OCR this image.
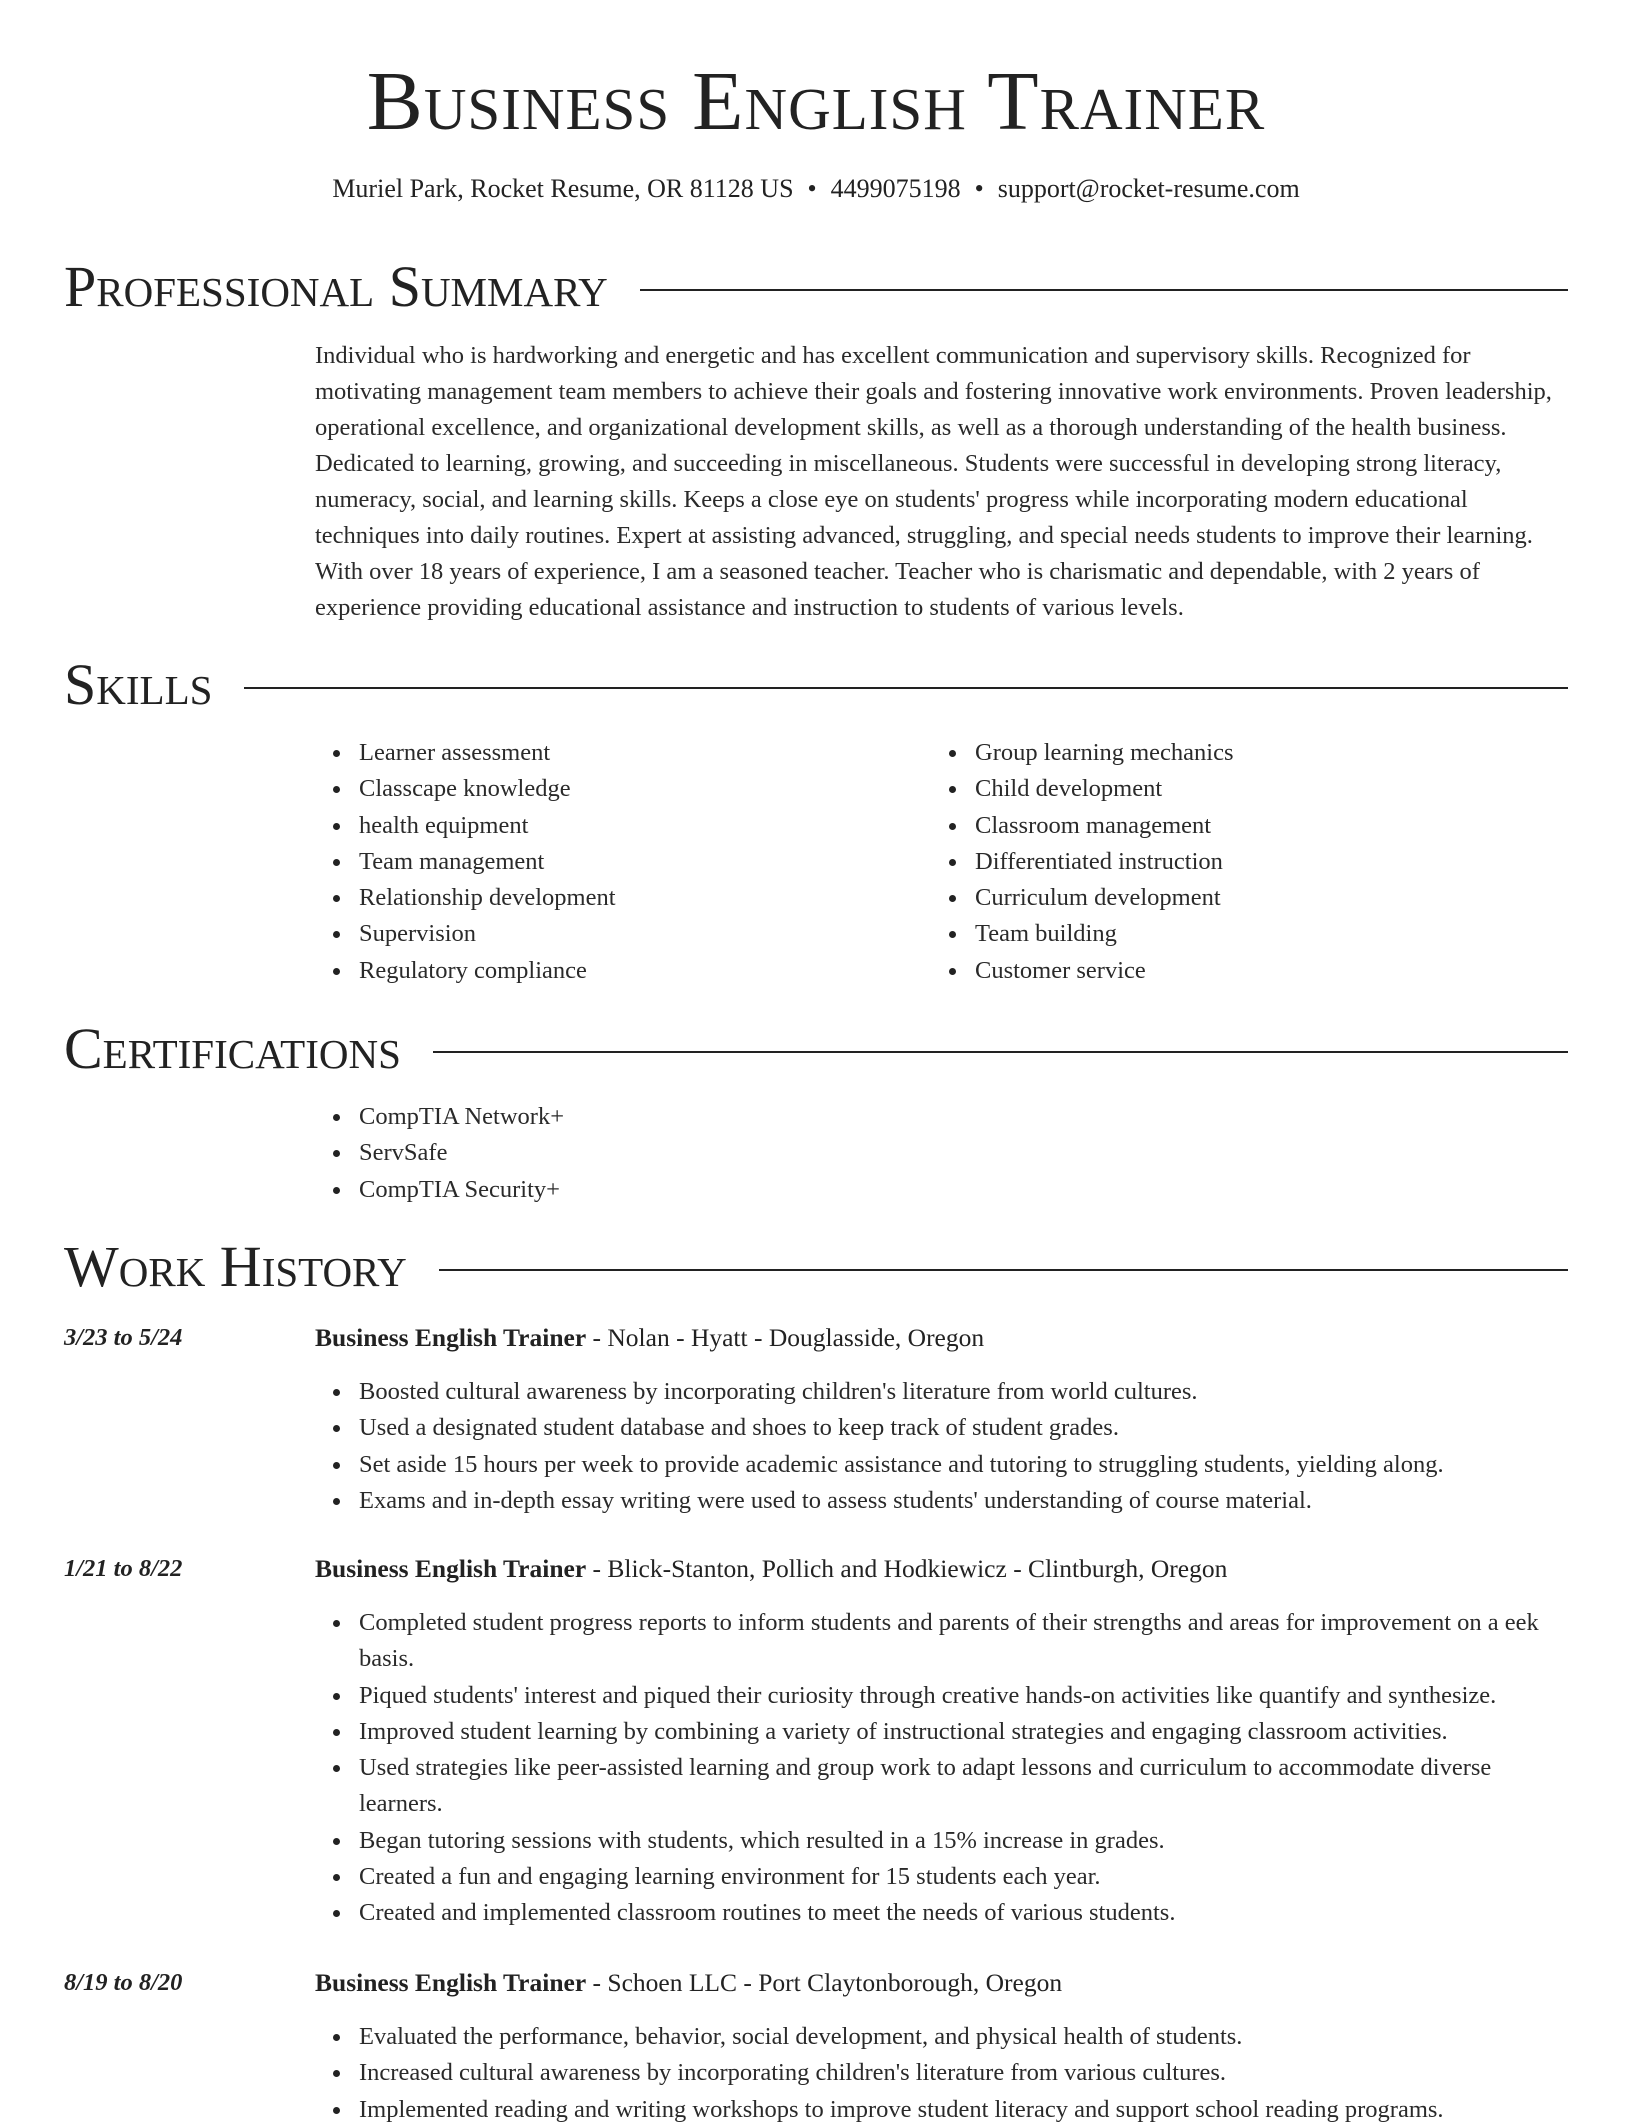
Business English Trainer
Muriel Park, Rocket Resume, OR 81128 US • 4499075198 • support@rocket-resume.com
Professional Summary
Individual who is hardworking and energetic and has excellent communication and supervisory skills. Recognized for motivating management team members to achieve their goals and fostering innovative work environments. Proven leadership, operational excellence, and organizational development skills, as well as a thorough understanding of the health business. Dedicated to learning, growing, and succeeding in miscellaneous. Students were successful in developing strong literacy, numeracy, social, and learning skills. Keeps a close eye on students' progress while incorporating modern educational techniques into daily routines. Expert at assisting advanced, struggling, and special needs students to improve their learning. With over 18 years of experience, I am a seasoned teacher. Teacher who is charismatic and dependable, with 2 years of experience providing educational assistance and instruction to students of various levels.
Skills
Learner assessment
Classcape knowledge
health equipment
Team management
Relationship development
Supervision
Regulatory compliance
Group learning mechanics
Child development
Classroom management
Differentiated instruction
Curriculum development
Team building
Customer service
Certifications
CompTIA Network+
ServSafe
CompTIA Security+
Work History
3/23 to 5/24	Business English Trainer - Nolan - Hyatt - Douglasside, Oregon
Boosted cultural awareness by incorporating children's literature from world cultures.
Used a designated student database and shoes to keep track of student grades.
Set aside 15 hours per week to provide academic assistance and tutoring to struggling students, yielding along.
Exams and in-depth essay writing were used to assess students' understanding of course material.
1/21 to 8/22	Business English Trainer - Blick-Stanton, Pollich and Hodkiewicz - Clintburgh, Oregon
Completed student progress reports to inform students and parents of their strengths and areas for improvement on a eek basis.
Piqued students' interest and piqued their curiosity through creative hands-on activities like quantify and synthesize.
Improved student learning by combining a variety of instructional strategies and engaging classroom activities.
Used strategies like peer-assisted learning and group work to adapt lessons and curriculum to accommodate diverse learners.
Began tutoring sessions with students, which resulted in a 15% increase in grades.
Created a fun and engaging learning environment for 15 students each year.
Created and implemented classroom routines to meet the needs of various students.
8/19 to 8/20	Business English Trainer - Schoen LLC - Port Claytonborough, Oregon
Evaluated the performance, behavior, social development, and physical health of students.
Increased cultural awareness by incorporating children's literature from various cultures.
Implemented reading and writing workshops to improve student literacy and support school reading programs.
